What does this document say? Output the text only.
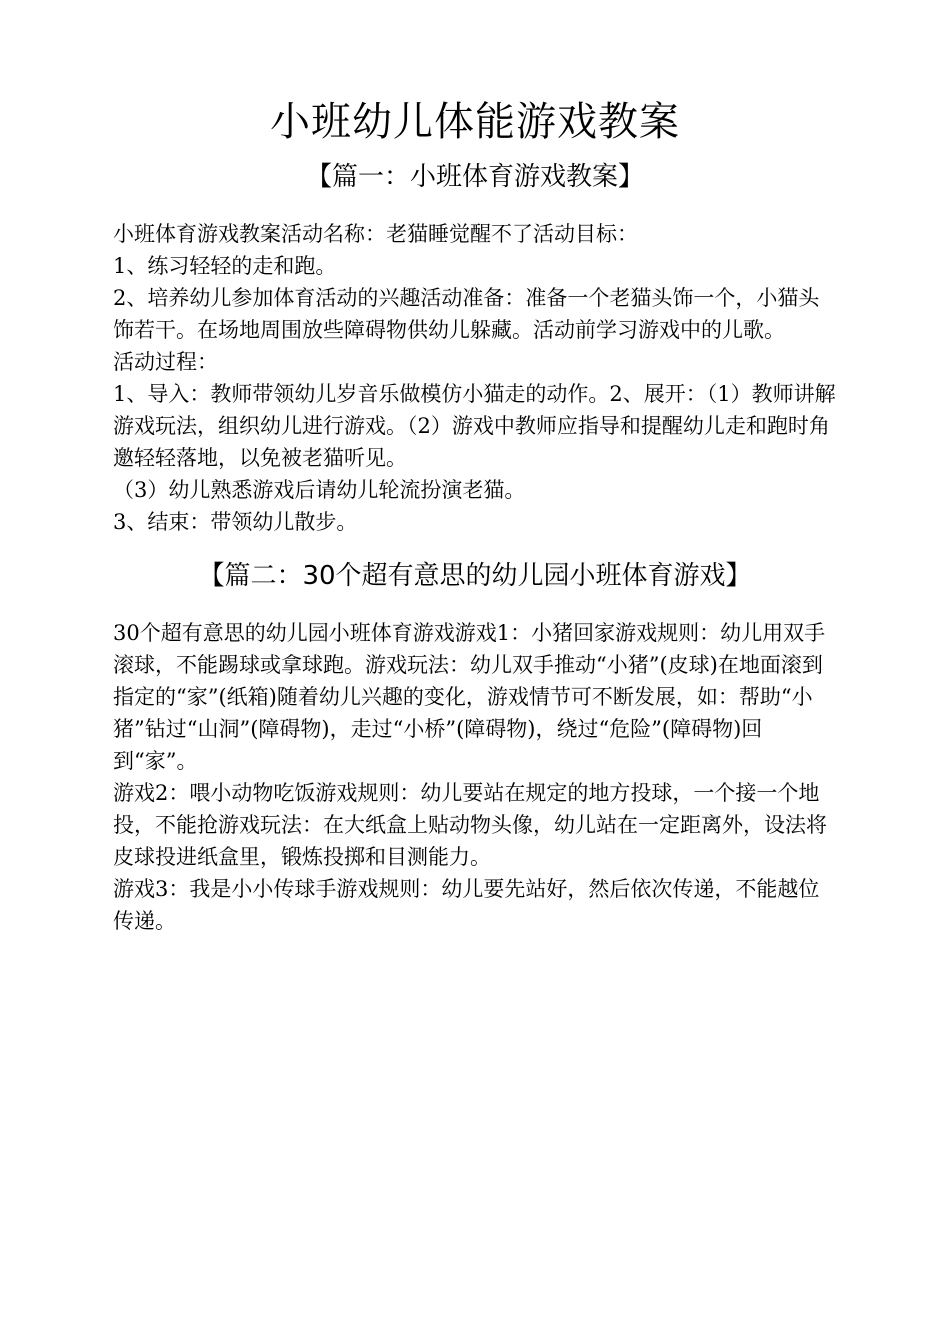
小班幼儿体能游戏教案
【篇一：小班体育游戏教案】

小班体育游戏教案活动名称：老猫睡觉醒不了活动目标：

1、练习轻轻的走和跑。

2、培养幼儿参加体育活动的兴趣活动准备：准备一个老猫头饰一个，小猫头饰若干。在场地周围放些障碍物供幼儿躲藏。活动前学习游戏中的儿歌。

活动过程：

1、导入：教师带领幼儿岁音乐做模仿小猫走的动作。2、展开：（1）教师讲解游戏玩法，组织幼儿进行游戏。（2）游戏中教师应指导和提醒幼儿走和跑时角邀轻轻落地，以免被老猫听见。

（3）幼儿熟悉游戏后请幼儿轮流扮演老猫。

3、结束：带领幼儿散步。

【篇二：30个超有意思的幼儿园小班体育游戏】

30个超有意思的幼儿园小班体育游戏游戏1：小猪回家游戏规则：幼儿用双手滚球，不能踢球或拿球跑。游戏玩法：幼儿双手推动“小猪”(皮球)在地面滚到指定的“家”(纸箱)随着幼儿兴趣的变化，游戏情节可不断发展，如：帮助“小猪”钻过“山洞”(障碍物)，走过“小桥”(障碍物)，绕过“危险”(障碍物)回到“家”。

游戏2：喂小动物吃饭游戏规则：幼儿要站在规定的地方投球，一个接一个地投，不能抢游戏玩法：在大纸盒上贴动物头像，幼儿站在一定距离外，设法将皮球投进纸盒里，锻炼投掷和目测能力。

游戏3：我是小小传球手游戏规则：幼儿要先站好，然后依次传递，不能越位传递。
